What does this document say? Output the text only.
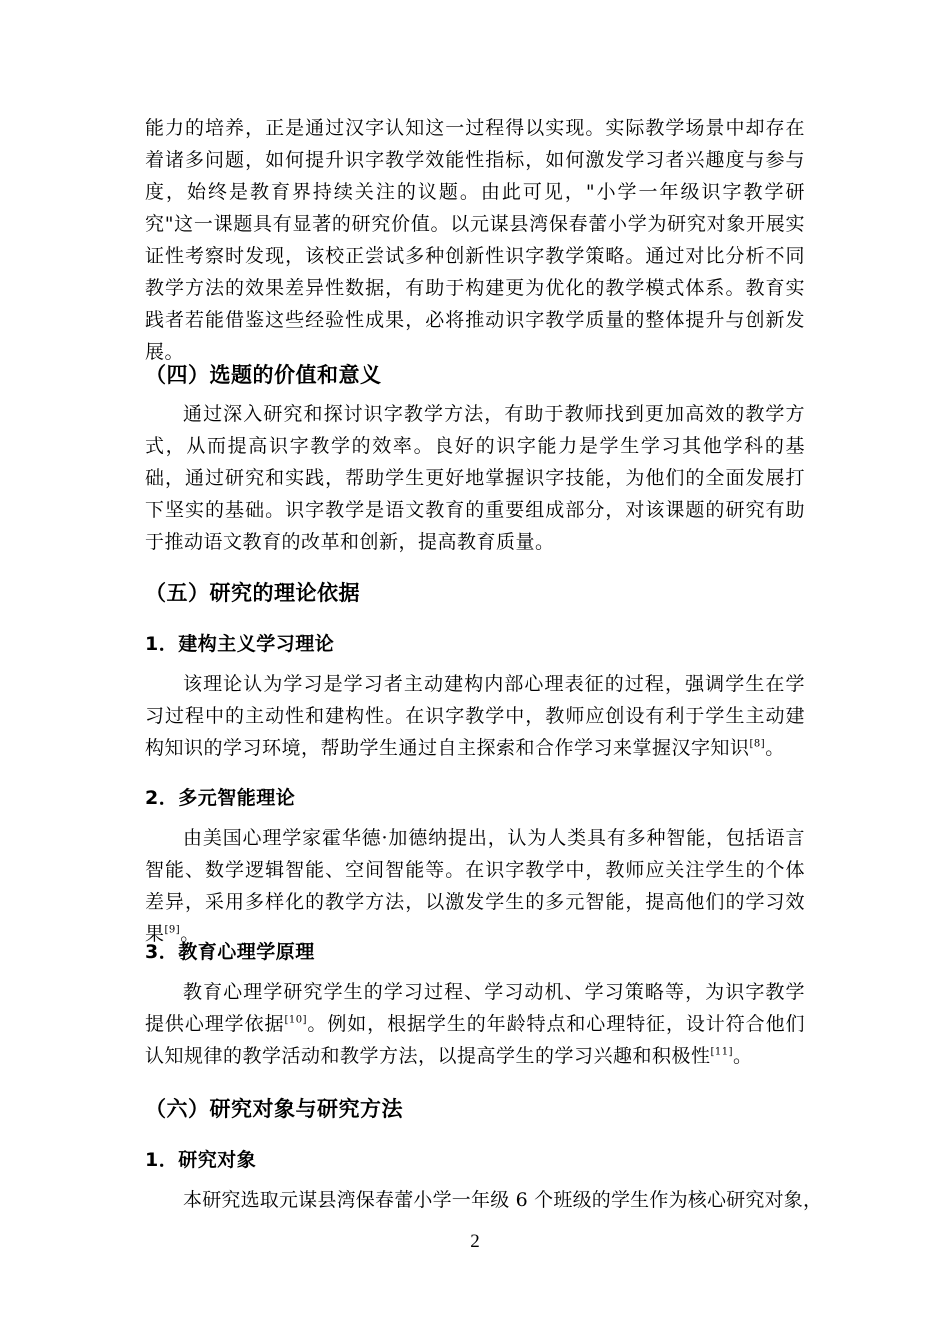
能力的培养，正是通过汉字认知这一过程得以实现。实际教学场景中却存在着诸多问题，如何提升识字教学效能性指标，如何激发学习者兴趣度与参与度，始终是教育界持续关注的议题。由此可见，"小学一年级识字教学研究"这一课题具有显著的研究价值。以元谋县湾保春蕾小学为研究对象开展实证性考察时发现，该校正尝试多种创新性识字教学策略。通过对比分析不同教学方法的效果差异性数据，有助于构建更为优化的教学模式体系。教育实践者若能借鉴这些经验性成果，必将推动识字教学质量的整体提升与创新发展。

（四）选题的价值和意义

通过深入研究和探讨识字教学方法，有助于教师找到更加高效的教学方式，从而提高识字教学的效率。良好的识字能力是学生学习其他学科的基础，通过研究和实践，帮助学生更好地掌握识字技能，为他们的全面发展打下坚实的基础。识字教学是语文教育的重要组成部分，对该课题的研究有助于推动语文教育的改革和创新，提高教育质量。

（五）研究的理论依据
1．建构主义学习理论

该理论认为学习是学习者主动建构内部心理表征的过程，强调学生在学习过程中的主动性和建构性。在识字教学中，教师应创设有利于学生主动建构知识的学习环境，帮助学生通过自主探索和合作学习来掌握汉字知识[8]。

2．多元智能理论

由美国心理学家霍华德·加德纳提出，认为人类具有多种智能，包括语言智能、数学逻辑智能、空间智能等。在识字教学中，教师应关注学生的个体差异，采用多样化的教学方法，以激发学生的多元智能，提高他们的学习效果[9]。

3．教育心理学原理

教育心理学研究学生的学习过程、学习动机、学习策略等，为识字教学提供心理学依据[10]。例如，根据学生的年龄特点和心理特征，设计符合他们认知规律的教学活动和教学方法，以提高学生的学习兴趣和积极性[11]。

（六）研究对象与研究方法
1．研究对象

本研究选取元谋县湾保春蕾小学一年级 6 个班级的学生作为核心研究对象，

2
